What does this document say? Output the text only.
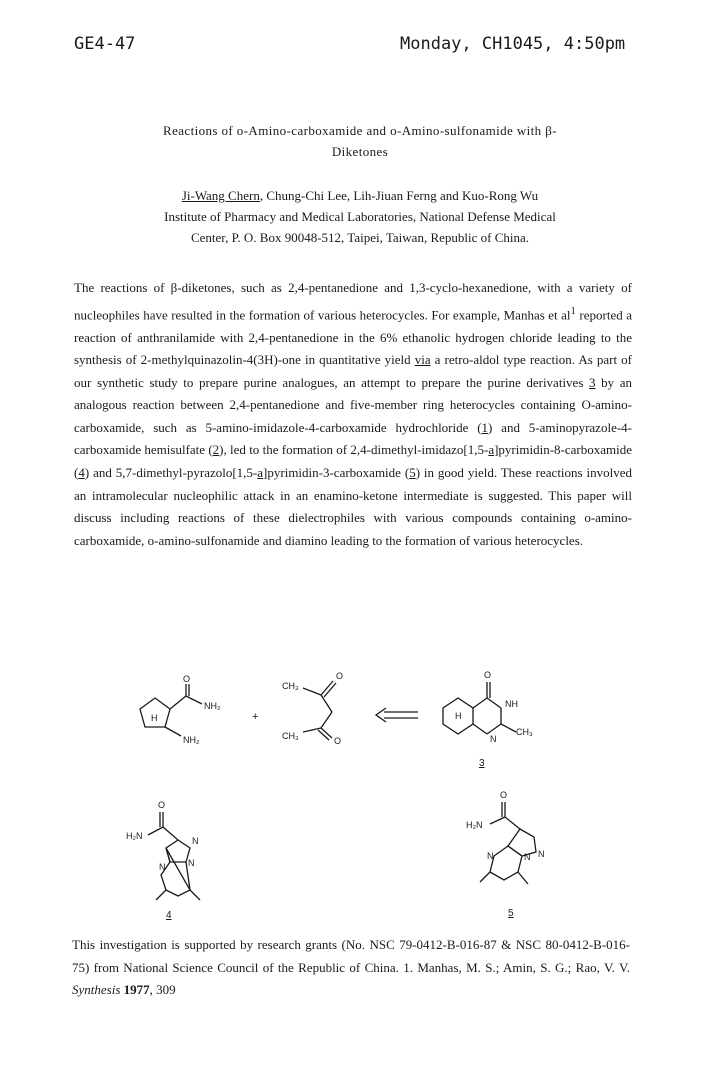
GE4-47	Monday, CH1045, 4:50pm
Reactions of o-Amino-carboxamide and o-Amino-sulfonamide with β-
Diketones
Ji-Wang Chern, Chung-Chi Lee, Lih-Jiuan Ferng and Kuo-Rong Wu
Institute of Pharmacy and Medical Laboratories, National Defense Medical
Center, P. O. Box 90048-512, Taipei, Taiwan, Republic of China.

The reactions of β-diketones, such as 2,4-pentanedione and 1,3-cyclo-hexanedione, with a variety of nucleophiles have resulted in the formation of various heterocycles. For example, Manhas et $al^1$ reported a reaction of anthranilamide with 2,4-pentanedione in the 6% ethanolic hydrogen chloride leading to the synthesis of 2-methylquinazolin-4(3H)-one in quantitative yield via a retro-aldol type reaction. As part of our synthetic study to prepare purine analogues, an attempt to prepare the purine derivatives 3 by an analogous reaction between 2,4-pentanedione and five-member ring heterocycles containing O-amino-carboxamide, such as 5-amino-imidazole-4-carboxamide hydrochloride (1) and 5-aminopyrazole-4-carboxamide hemisulfate (2), led to the formation of 2,4-dimethyl-imidazo[1,5-a]pyrimidin-8-carboxamide (4) and 5,7-dimethyl-pyrazolo[1,5-a]pyrimidin-3-carboxamide (5) in good yield. These reactions involved an intramolecular nucleophilic attack in an enamino-ketone intermediate is suggested. This paper will discuss including reactions of these dielectrophiles with various compounds containing o-amino-carboxamide, o-amino-sulfonamide and diamino leading to the formation of various heterocycles.

O
NH₂
NH₂
H	+
CH₃
O
O
CH₃
O
NH
N
CH₃
H
3
O
H₂N	N
N	N
4
O
H₂N
N
N
N
5

This investigation is supported by research grants (No. NSC 79-0412-B-016-87 & NSC 80-0412-B-016-75) from National Science Council of the Republic of China. 1. Manhas, M. S.; Amin, S. G.; Rao, V. V. Synthesis 1977, 309
